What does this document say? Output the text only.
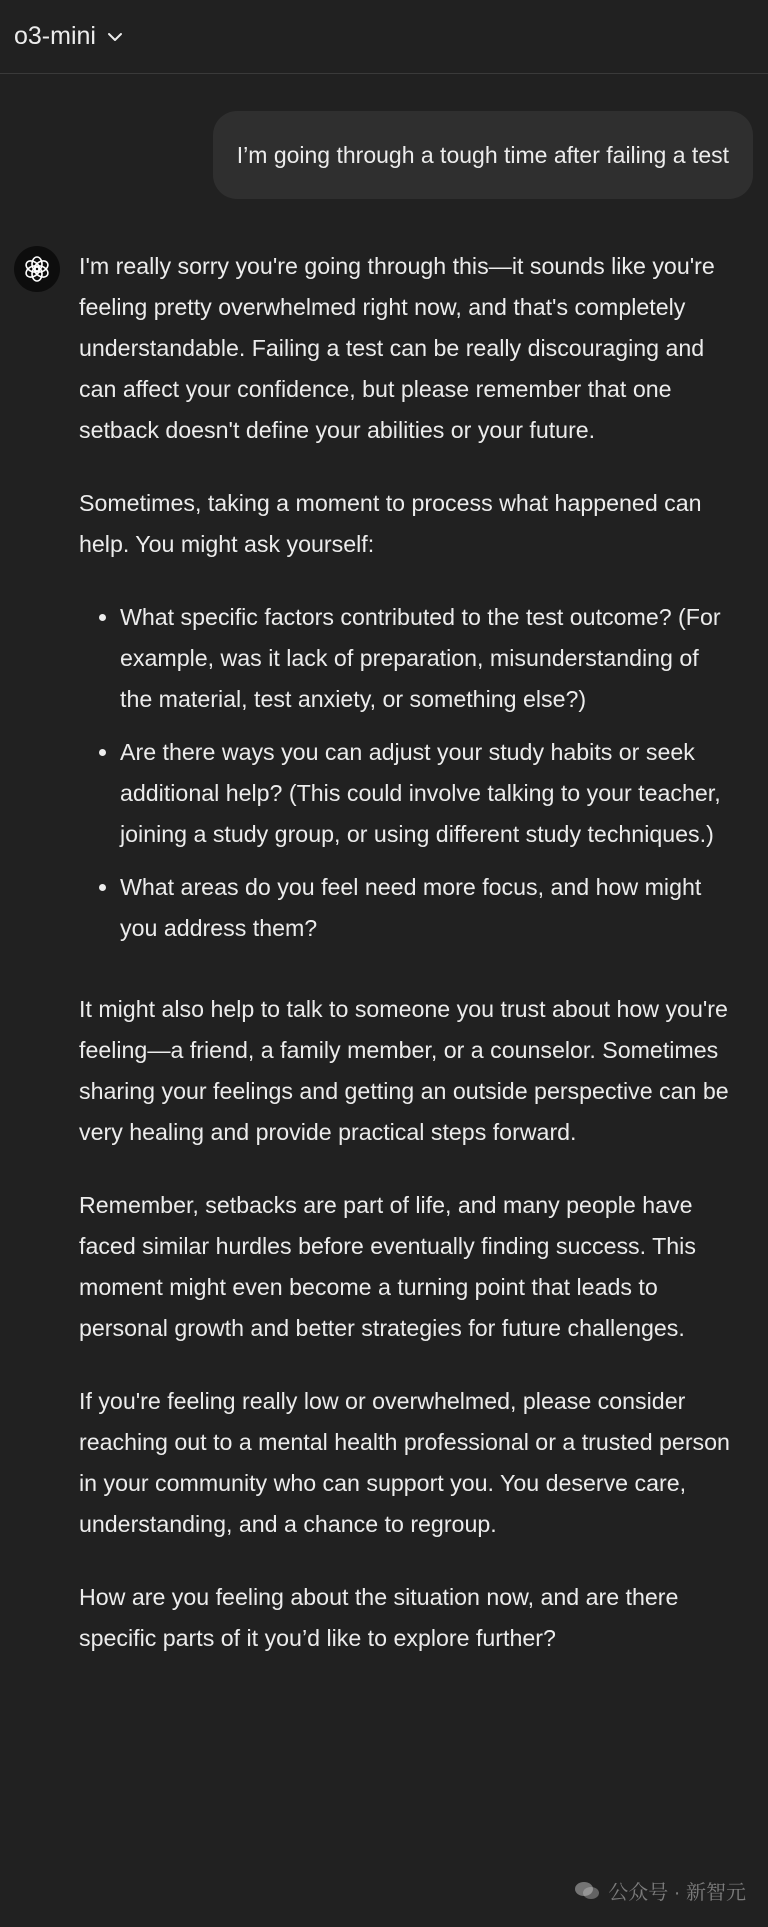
o3-mini
I’m going through a tough time after failing a test

I'm really sorry you're going through this—it sounds like you're feeling pretty overwhelmed right now, and that's completely understandable. Failing a test can be really discouraging and can affect your confidence, but please remember that one setback doesn't define your abilities or your future.

Sometimes, taking a moment to process what happened can help. You might ask yourself:

• What specific factors contributed to the test outcome? (For example, was it lack of preparation, misunderstanding of the material, test anxiety, or something else?)
• Are there ways you can adjust your study habits or seek additional help? (This could involve talking to your teacher, joining a study group, or using different study techniques.)
• What areas do you feel need more focus, and how might you address them?

It might also help to talk to someone you trust about how you're feeling—a friend, a family member, or a counselor. Sometimes sharing your feelings and getting an outside perspective can be very healing and provide practical steps forward.

Remember, setbacks are part of life, and many people have faced similar hurdles before eventually finding success. This moment might even become a turning point that leads to personal growth and better strategies for future challenges.

If you're feeling really low or overwhelmed, please consider reaching out to a mental health professional or a trusted person in your community who can support you. You deserve care, understanding, and a chance to regroup.

How are you feeling about the situation now, and are there specific parts of it you’d like to explore further?

公众号 · 新智元
